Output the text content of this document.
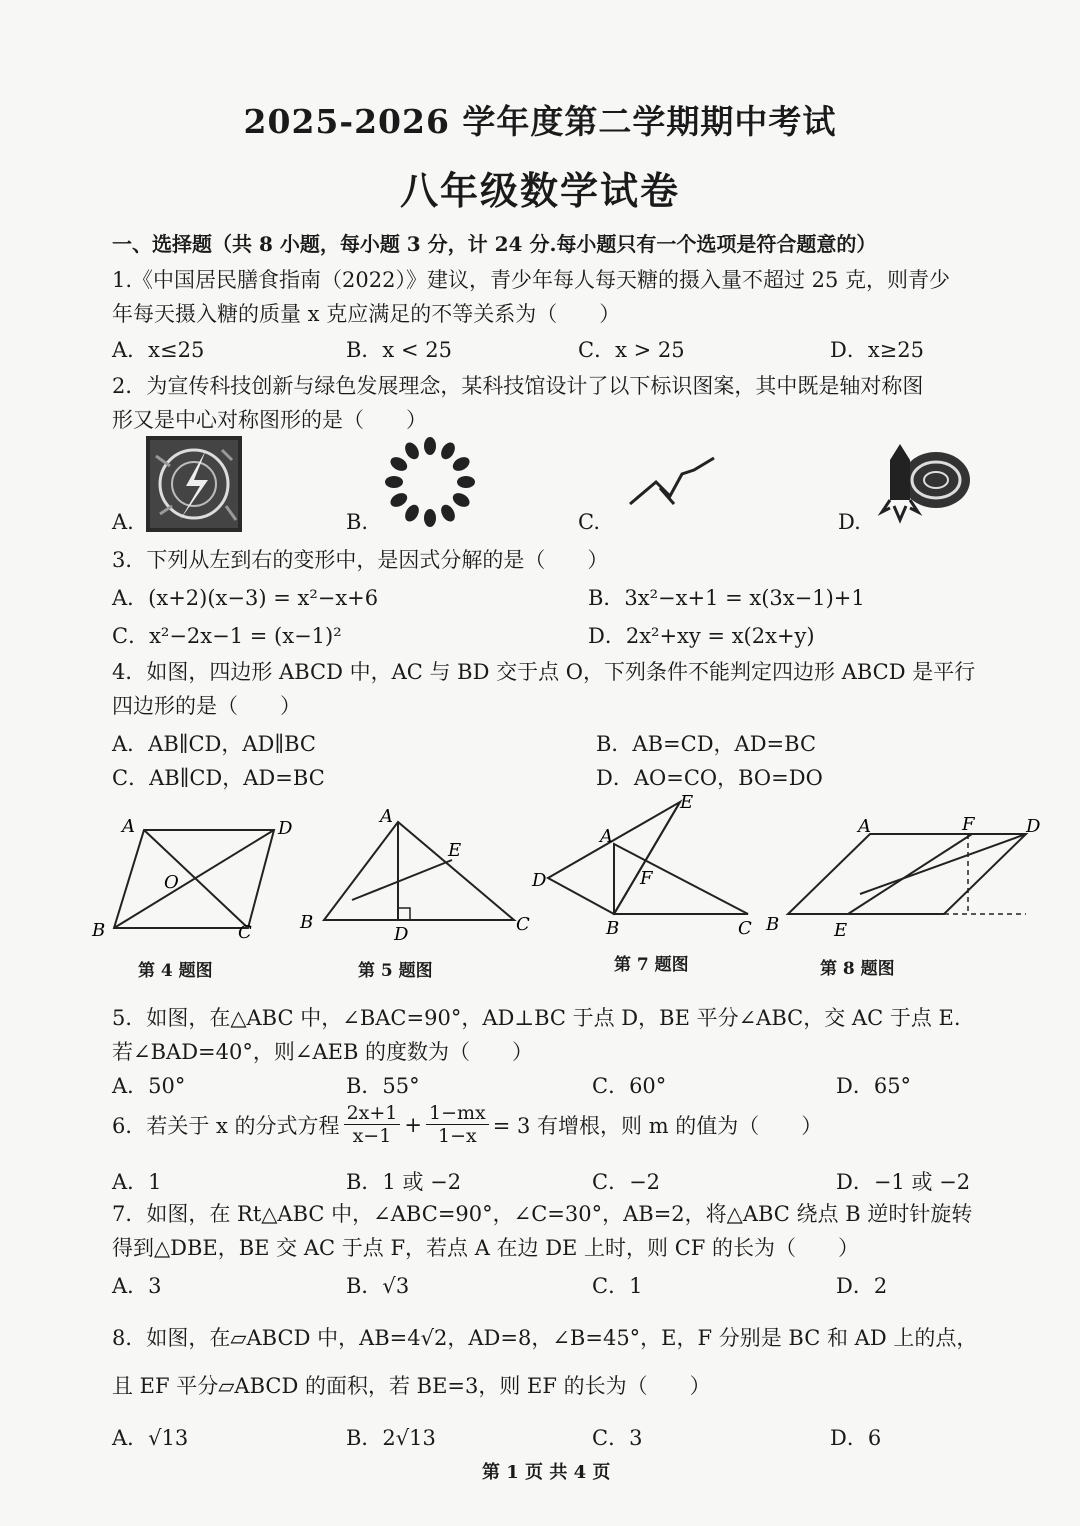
2025-2026 学年度第二学期期中考试
八年级数学试卷
一、选择题（共 8 小题，每小题 3 分，计 24 分.每小题只有一个选项是符合题意的）
1.《中国居民膳食指南（2022）》建议，青少年每人每天糖的摄入量不超过 25 克，则青少
年每天摄入糖的质量 x 克应满足的不等关系为（　　）
A．x≤25	B．x < 25	C．x > 25	D．x≥25
2．为宣传科技创新与绿色发展理念，某科技馆设计了以下标识图案，其中既是轴对称图
形又是中心对称图形的是（　　）
A.	B.	C.	D.
3．下列从左到右的变形中，是因式分解的是（　　）
A．(x+2)(x−3) = x²−x+6	B．3x²−x+1 = x(3x−1)+1
C．x²−2x−1 = (x−1)²	D．2x²+xy = x(2x+y)
4．如图，四边形 ABCD 中，AC 与 BD 交于点 O，下列条件不能判定四边形 ABCD 是平行
四边形的是（　　）
A．AB∥CD，AD∥BC	B．AB=CD，AD=BC
C．AB∥CD，AD=BC	D．AO=CO，BO=DO
A	D
O
B	C
第 4 题图
A
E
B
D	C
第 5 题图
E
A
F
D
B	C
第 7 题图
A	F	D
B	E
第 8 题图
5．如图，在△ABC 中，∠BAC=90°，AD⊥BC 于点 D，BE 平分∠ABC，交 AC 于点 E.
若∠BAD=40°，则∠AEB 的度数为（　　）
A．50°	B．55°	C．60°	D．65°
6．若关于 x 的分式方程 $\frac{2x+1}{x-1} + \frac{1-mx}{1-x} = 3$ 有增根，则 m 的值为（　　）
A．1	B．1 或 −2	C．−2	D．−1 或 −2
7．如图，在 Rt△ABC 中，∠ABC=90°，∠C=30°，AB=2，将△ABC 绕点 B 逆时针旋转
得到△DBE，BE 交 AC 于点 F，若点 A 在边 DE 上时，则 CF 的长为（　　）
A．3	B．√3	C．1	D．2
8．如图，在▱ABCD 中，AB=4√2，AD=8，∠B=45°，E，F 分别是 BC 和 AD 上的点，
且 EF 平分▱ABCD 的面积，若 BE=3，则 EF 的长为（　　）
A．√13	B．2√13	C．3	D．6
第 1 页 共 4 页
